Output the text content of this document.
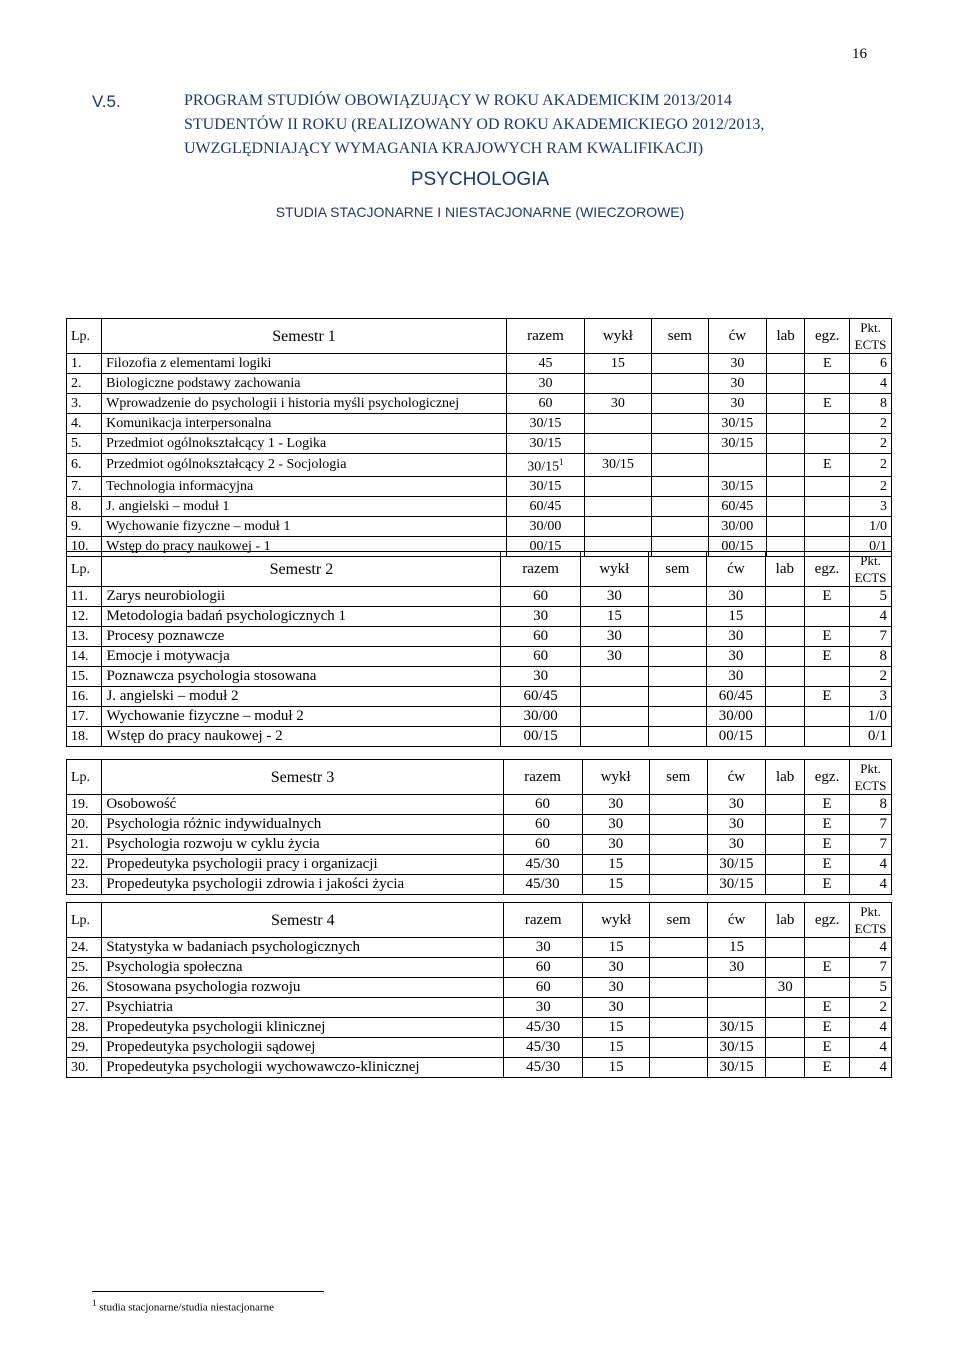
16
V.5.	PROGRAM STUDIÓW OBOWIĄZUJĄCY W ROKU AKADEMICKIM 2013/2014
STUDENTÓW II ROKU (REALIZOWANY OD ROKU AKADEMICKIEGO 2012/2013,
UWZGLĘDNIAJĄCY WYMAGANIA KRAJOWYCH RAM KWALIFIKACJI)
PSYCHOLOGIA
STUDIA STACJONARNE I NIESTACJONARNE (WIECZOROWE)
Lp.	Semestr 1	razem	wykł	sem	ćw	lab	egz.	Pkt.
ECTS

1.	Filozofia z elementami logiki	45	15		30		E	6
2.	Biologiczne podstawy zachowania	30			30			4
3.	Wprowadzenie do psychologii i historia myśli psychologicznej	60	30		30		E	8
4.	Komunikacja interpersonalna	30/15			30/15			2
5.	Przedmiot ogólnokształcący 1 - Logika	30/15			30/15			2
6.	Przedmiot ogólnokształcący 2 - Socjologia	$30/15^1$	30/15				E	2
7.	Technologia informacyjna	30/15			30/15			2
8.	J. angielski – moduł 1	60/45			60/45			3
9.	Wychowanie fizyczne – moduł 1	30/00			30/00			1/0
10.	Wstęp do pracy naukowej - 1	00/15			00/15			0/1
Lp.	Semestr 2	razem	wykł	sem	ćw	lab	egz.	Pkt.
ECTS

11.	Zarys neurobiologii	60	30		30		E	5
12.	Metodologia badań psychologicznych 1	30	15		15			4
13.	Procesy poznawcze	60	30		30		E	7
14.	Emocje i motywacja	60	30		30		E	8
15.	Poznawcza psychologia stosowana	30			30			2
16.	J. angielski – moduł 2	60/45			60/45		E	3
17.	Wychowanie fizyczne – moduł 2	30/00			30/00			1/0
18.	Wstęp do pracy naukowej - 2	00/15			00/15			0/1
Lp.	Semestr 3	razem	wykł	sem	ćw	lab	egz.	Pkt.
ECTS

19.	Osobowość	60	30		30		E	8
20.	Psychologia różnic indywidualnych	60	30		30		E	7
21.	Psychologia rozwoju w cyklu życia	60	30		30		E	7
22.	Propedeutyka psychologii pracy i organizacji	45/30	15		30/15		E	4
23.	Propedeutyka psychologii zdrowia i jakości życia	45/30	15		30/15		E	4
Lp.	Semestr 4	razem	wykł	sem	ćw	lab	egz.	Pkt.
ECTS

24.	Statystyka w badaniach psychologicznych	30	15		15			4
25.	Psychologia społeczna	60	30		30		E	7
26.	Stosowana psychologia rozwoju	60	30			30		5
27.	Psychiatria	30	30				E	2
28.	Propedeutyka psychologii klinicznej	45/30	15		30/15		E	4
29.	Propedeutyka psychologii sądowej	45/30	15		30/15		E	4
30.	Propedeutyka psychologii wychowawczo-klinicznej	45/30	15		30/15		E	4
$^1$ studia stacjonarne/studia niestacjonarne
